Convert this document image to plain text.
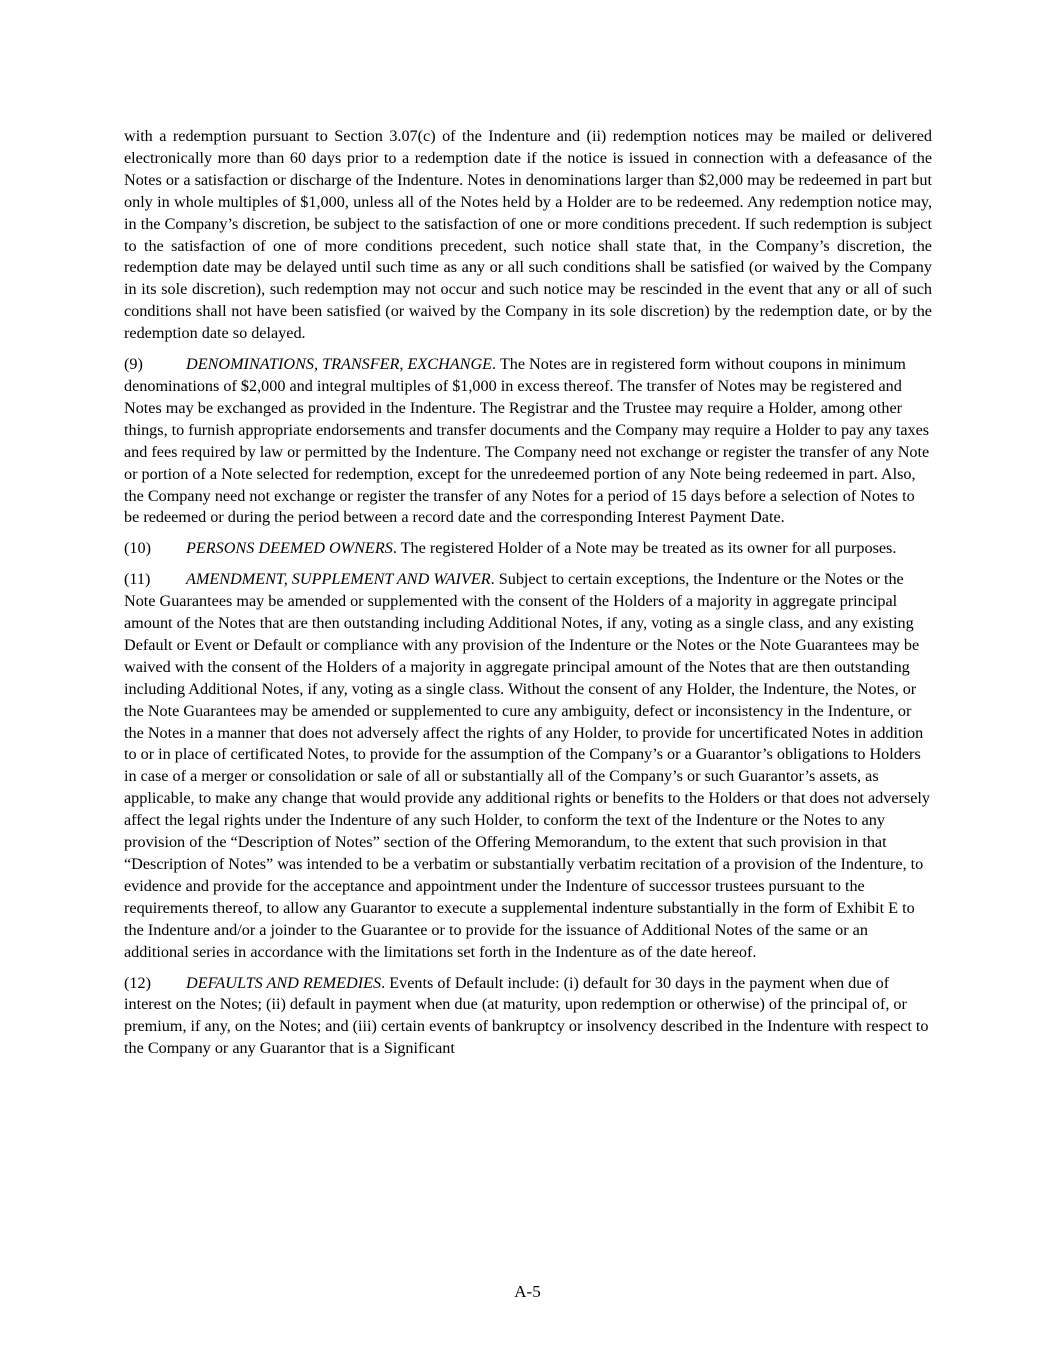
with a redemption pursuant to Section 3.07(c) of the Indenture and (ii) redemption notices may be mailed or delivered electronically more than 60 days prior to a redemption date if the notice is issued in connection with a defeasance of the Notes or a satisfaction or discharge of the Indenture. Notes in denominations larger than $2,000 may be redeemed in part but only in whole multiples of $1,000, unless all of the Notes held by a Holder are to be redeemed. Any redemption notice may, in the Company’s discretion, be subject to the satisfaction of one or more conditions precedent. If such redemption is subject to the satisfaction of one of more conditions precedent, such notice shall state that, in the Company’s discretion, the redemption date may be delayed until such time as any or all such conditions shall be satisfied (or waived by the Company in its sole discretion), such redemption may not occur and such notice may be rescinded in the event that any or all of such conditions shall not have been satisfied (or waived by the Company in its sole discretion) by the redemption date, or by the redemption date so delayed.

(9)	DENOMINATIONS, TRANSFER, EXCHANGE. The Notes are in registered form without coupons in minimum denominations of $2,000 and integral multiples of $1,000 in excess thereof. The transfer of Notes may be registered and Notes may be exchanged as provided in the Indenture. The Registrar and the Trustee may require a Holder, among other things, to furnish appropriate endorsements and transfer documents and the Company may require a Holder to pay any taxes and fees required by law or permitted by the Indenture. The Company need not exchange or register the transfer of any Note or portion of a Note selected for redemption, except for the unredeemed portion of any Note being redeemed in part. Also, the Company need not exchange or register the transfer of any Notes for a period of 15 days before a selection of Notes to be redeemed or during the period between a record date and the corresponding Interest Payment Date.

(10) PERSONS DEEMED OWNERS. The registered Holder of a Note may be treated as its owner for all purposes.

(11) AMENDMENT, SUPPLEMENT AND WAIVER. Subject to certain exceptions, the Indenture or the Notes or the Note Guarantees may be amended or supplemented with the consent of the Holders of a majority in aggregate principal amount of the Notes that are then outstanding including Additional Notes, if any, voting as a single class, and any existing Default or Event or Default or compliance with any provision of the Indenture or the Notes or the Note Guarantees may be waived with the consent of the Holders of a majority in aggregate principal amount of the Notes that are then outstanding including Additional Notes, if any, voting as a single class. Without the consent of any Holder, the Indenture, the Notes, or the Note Guarantees may be amended or supplemented to cure any ambiguity, defect or inconsistency in the Indenture, or the Notes in a manner that does not adversely affect the rights of any Holder, to provide for uncertificated Notes in addition to or in place of certificated Notes, to provide for the assumption of the Company’s or a Guarantor’s obligations to Holders in case of a merger or consolidation or sale of all or substantially all of the Company’s or such Guarantor’s assets, as applicable, to make any change that would provide any additional rights or benefits to the Holders or that does not adversely affect the legal rights under the Indenture of any such Holder, to conform the text of the Indenture or the Notes to any provision of the “Description of Notes” section of the Offering Memorandum, to the extent that such provision in that “Description of Notes” was intended to be a verbatim or substantially verbatim recitation of a provision of the Indenture, to evidence and provide for the acceptance and appointment under the Indenture of successor trustees pursuant to the requirements thereof, to allow any Guarantor to execute a supplemental indenture substantially in the form of Exhibit E to the Indenture and/or a joinder to the Guarantee or to provide for the issuance of Additional Notes of the same or an additional series in accordance with the limitations set forth in the Indenture as of the date hereof.

(12) DEFAULTS AND REMEDIES. Events of Default include: (i) default for 30 days in the payment when due of interest on the Notes; (ii) default in payment when due (at maturity, upon redemption or otherwise) of the principal of, or premium, if any, on the Notes; and (iii) certain events of bankruptcy or insolvency described in the Indenture with respect to the Company or any Guarantor that is a Significant

A-5
